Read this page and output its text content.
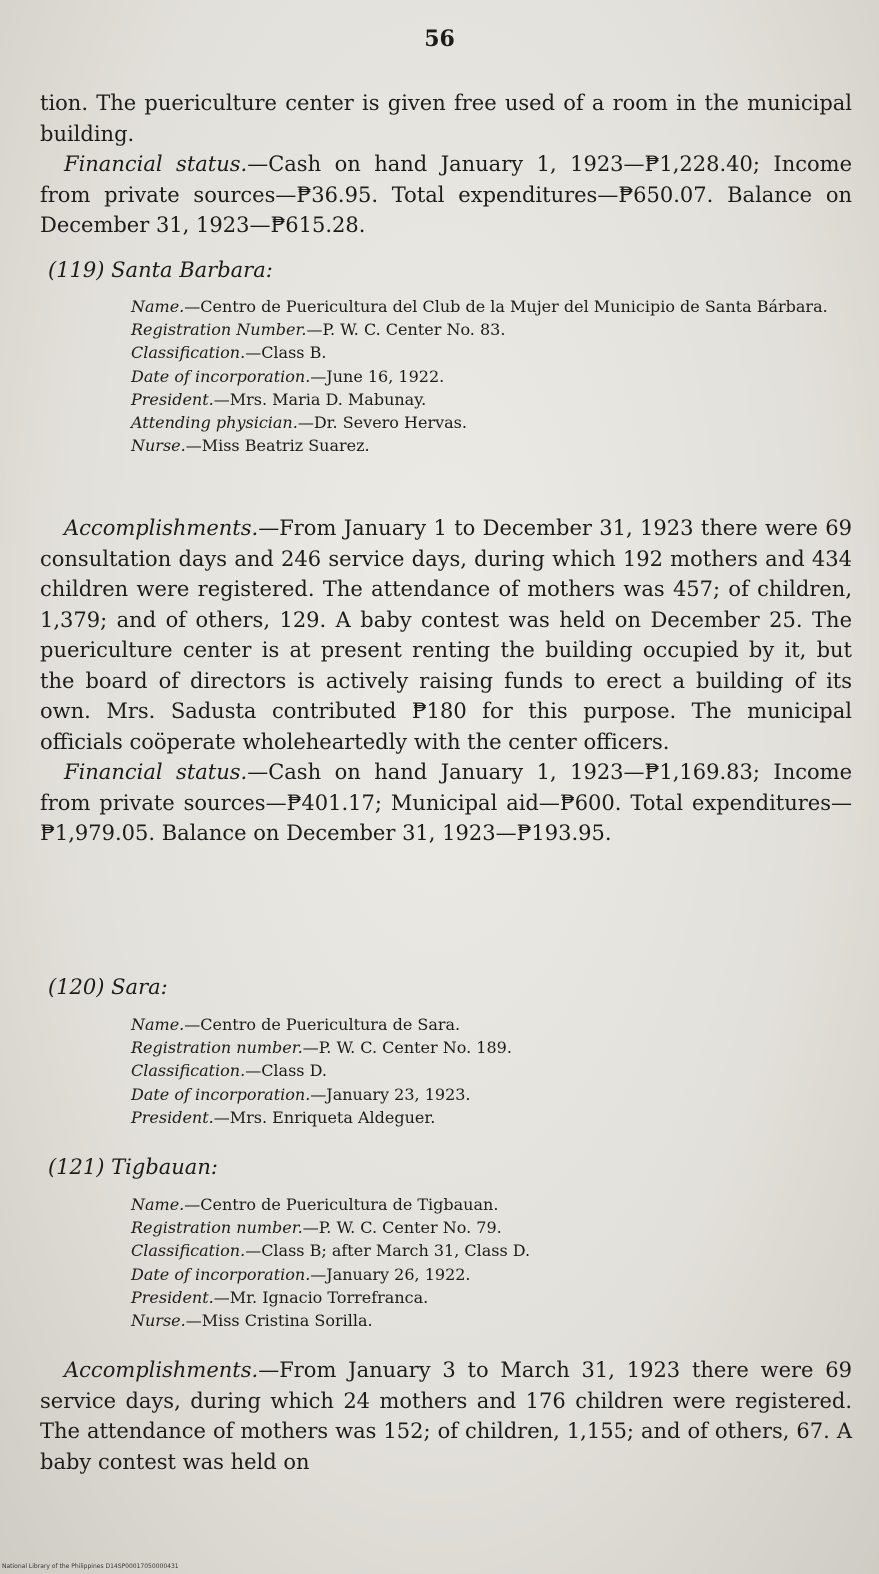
56

tion. The puericulture center is given free used of a room in the municipal building.

Financial status.—Cash on hand January 1, 1923—₱1,228.40; Income from private sources—₱36.95. Total expenditures—₱650.07. Balance on December 31, 1923—₱615.28.

(119) Santa Barbara:
Name.—Centro de Puericultura del Club de la Mujer del Municipio de Santa Bárbara.
Registration Number.—P. W. C. Center No. 83.
Classification.—Class B.
Date of incorporation.—June 16, 1922.
President.—Mrs. Maria D. Mabunay.
Attending physician.—Dr. Severo Hervas.
Nurse.—Miss Beatriz Suarez.

Accomplishments.—From January 1 to December 31, 1923 there were 69 consultation days and 246 service days, during which 192 mothers and 434 children were registered. The attendance of mothers was 457; of children, 1,379; and of others, 129. A baby contest was held on December 25. The puericulture center is at present renting the building occupied by it, but the board of directors is actively raising funds to erect a building of its own. Mrs. Sadusta contributed ₱180 for this purpose. The municipal officials coöperate wholeheartedly with the center officers.

Financial status.—Cash on hand January 1, 1923—₱1,169.83; Income from private sources—₱401.17; Municipal aid—₱600. Total expenditures—₱1,979.05. Balance on December 31, 1923—₱193.95.

(120) Sara:
Name.—Centro de Puericultura de Sara.
Registration number.—P. W. C. Center No. 189.
Classification.—Class D.
Date of incorporation.—January 23, 1923.
President.—Mrs. Enriqueta Aldeguer.
(121) Tigbauan:
Name.—Centro de Puericultura de Tigbauan.
Registration number.—P. W. C. Center No. 79.
Classification.—Class B; after March 31, Class D.
Date of incorporation.—January 26, 1922.
President.—Mr. Ignacio Torrefranca.
Nurse.—Miss Cristina Sorilla.

Accomplishments.—From January 3 to March 31, 1923 there were 69 service days, during which 24 mothers and 176 children were registered. The attendance of mothers was 152; of children, 1,155; and of others, 67. A baby contest was held on

National Library of the Philippines D14SP00017050000431
